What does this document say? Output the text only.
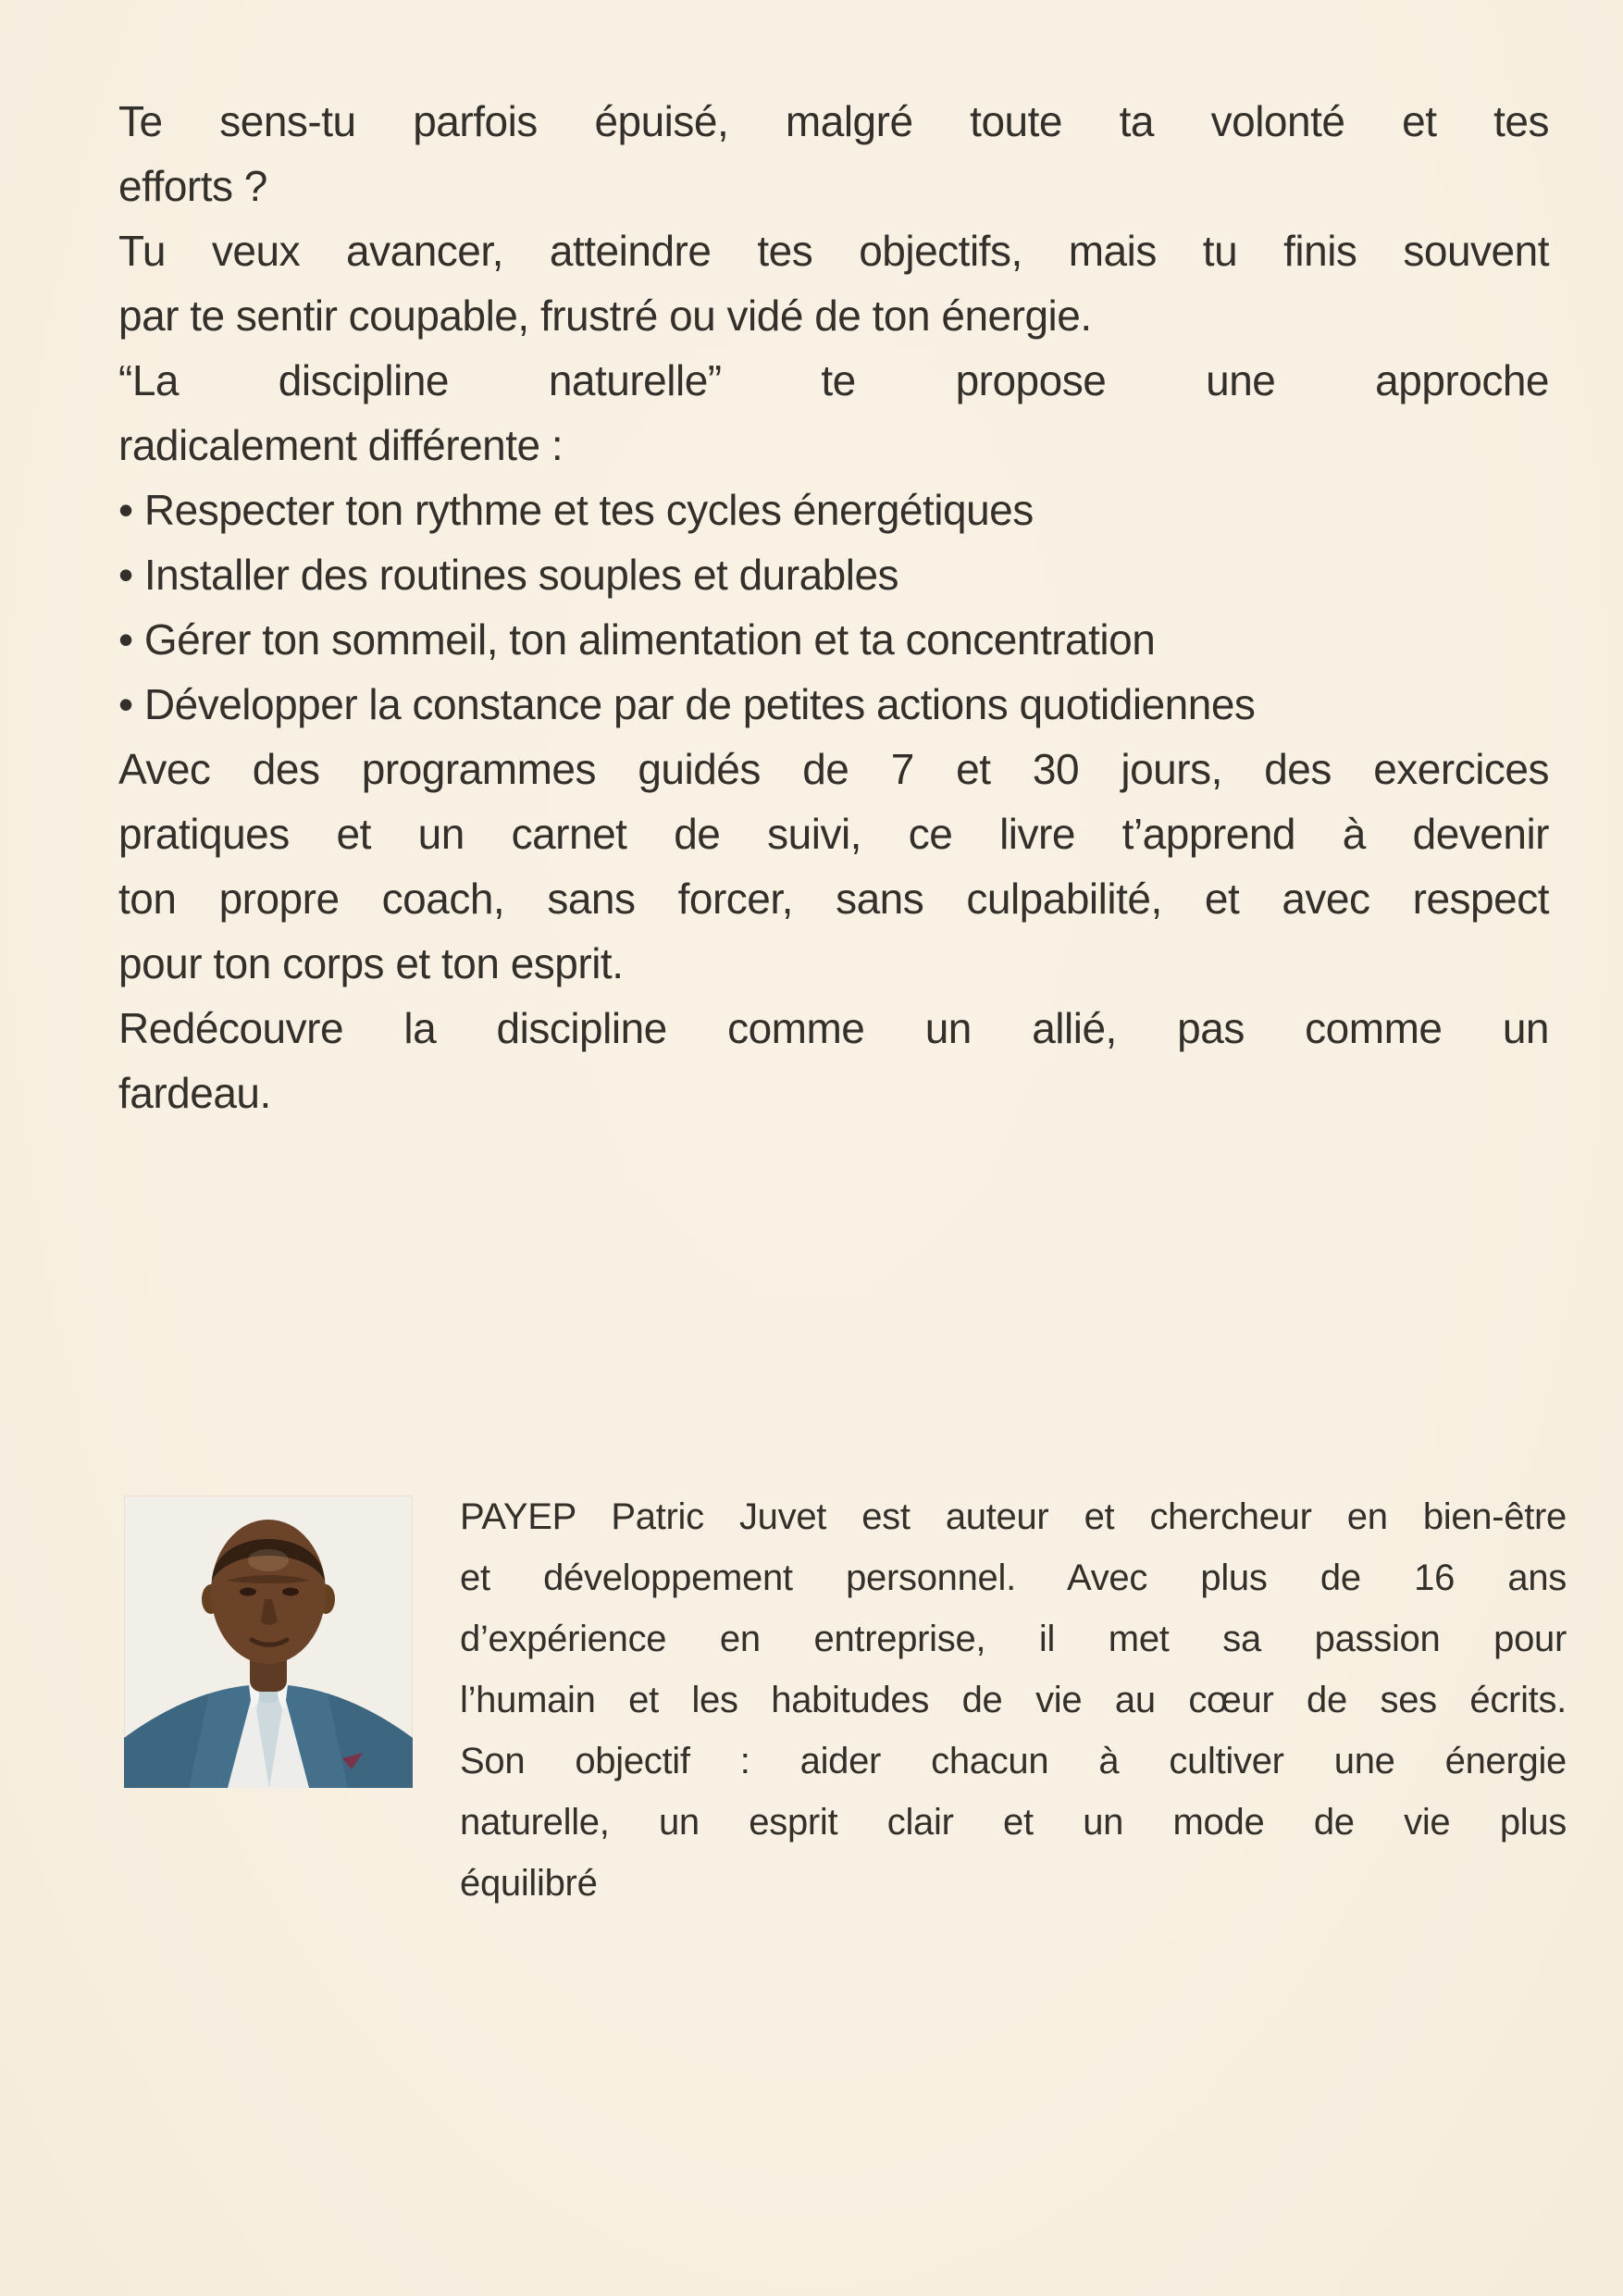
Te sens-tu parfois épuisé, malgré toute ta volonté et tes
efforts ?
Tu veux avancer, atteindre tes objectifs, mais tu finis souvent
par te sentir coupable, frustré ou vidé de ton énergie.
“La discipline naturelle” te propose une approche
radicalement différente :
• Respecter ton rythme et tes cycles énergétiques
• Installer des routines souples et durables
• Gérer ton sommeil, ton alimentation et ta concentration
• Développer la constance par de petites actions quotidiennes
Avec des programmes guidés de 7 et 30 jours, des exercices
pratiques et un carnet de suivi, ce livre t’apprend à devenir
ton propre coach, sans forcer, sans culpabilité, et avec respect
pour ton corps et ton esprit.
Redécouvre la discipline comme un allié, pas comme un
fardeau.
PAYEP Patric Juvet est auteur et chercheur en bien-être
et développement personnel. Avec plus de 16 ans
d’expérience en entreprise, il met sa passion pour
l’humain et les habitudes de vie au cœur de ses écrits.
Son objectif : aider chacun à cultiver une énergie
naturelle, un esprit clair et un mode de vie plus
équilibré
